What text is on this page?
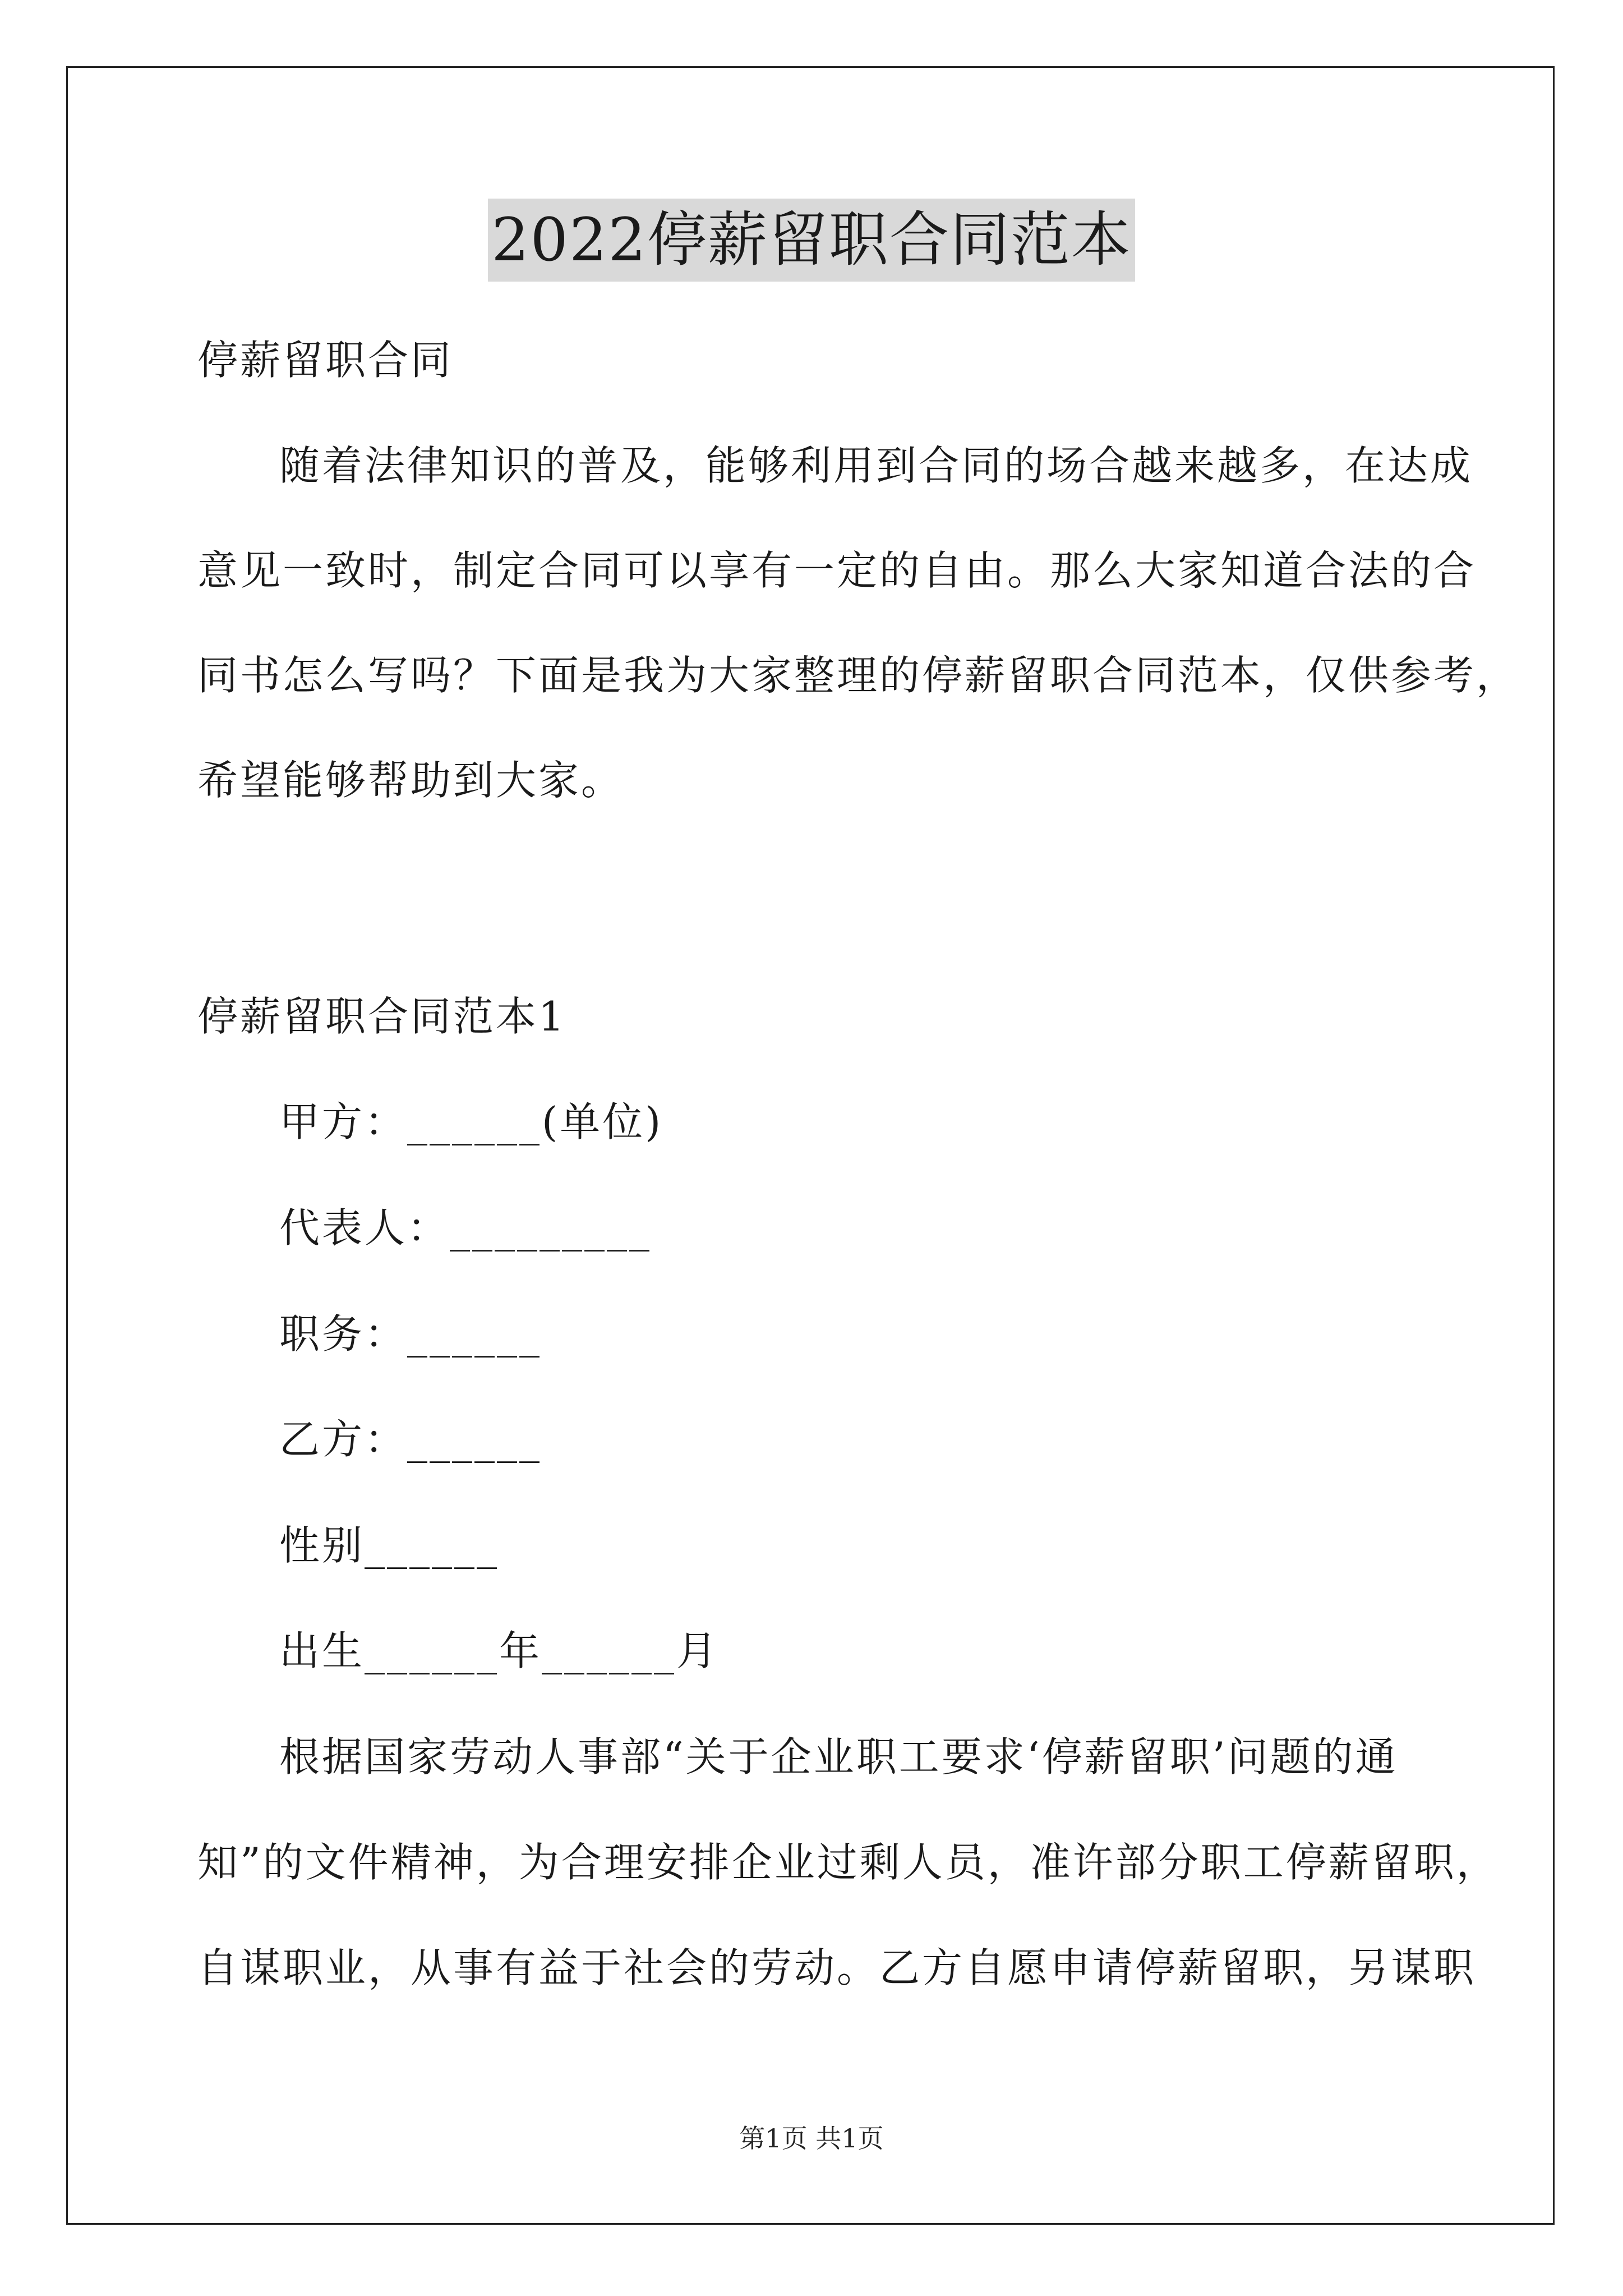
2022停薪留职合同范本
停薪留职合同
随着法律知识的普及，能够利用到合同的场合越来越多，在达成
意见一致时，制定合同可以享有一定的自由。那么大家知道合法的合
同书怎么写吗？下面是我为大家整理的停薪留职合同范本，仅供参考，
希望能够帮助到大家。
停薪留职合同范本1
甲方：______(单位)
代表人：_________
职务：______
乙方：______
性别______
出生______年______月
根据国家劳动人事部“关于企业职工要求‘停薪留职’问题的通
知”的文件精神，为合理安排企业过剩人员，准许部分职工停薪留职，
自谋职业，从事有益于社会的劳动。乙方自愿申请停薪留职，另谋职
第1页 共1页
